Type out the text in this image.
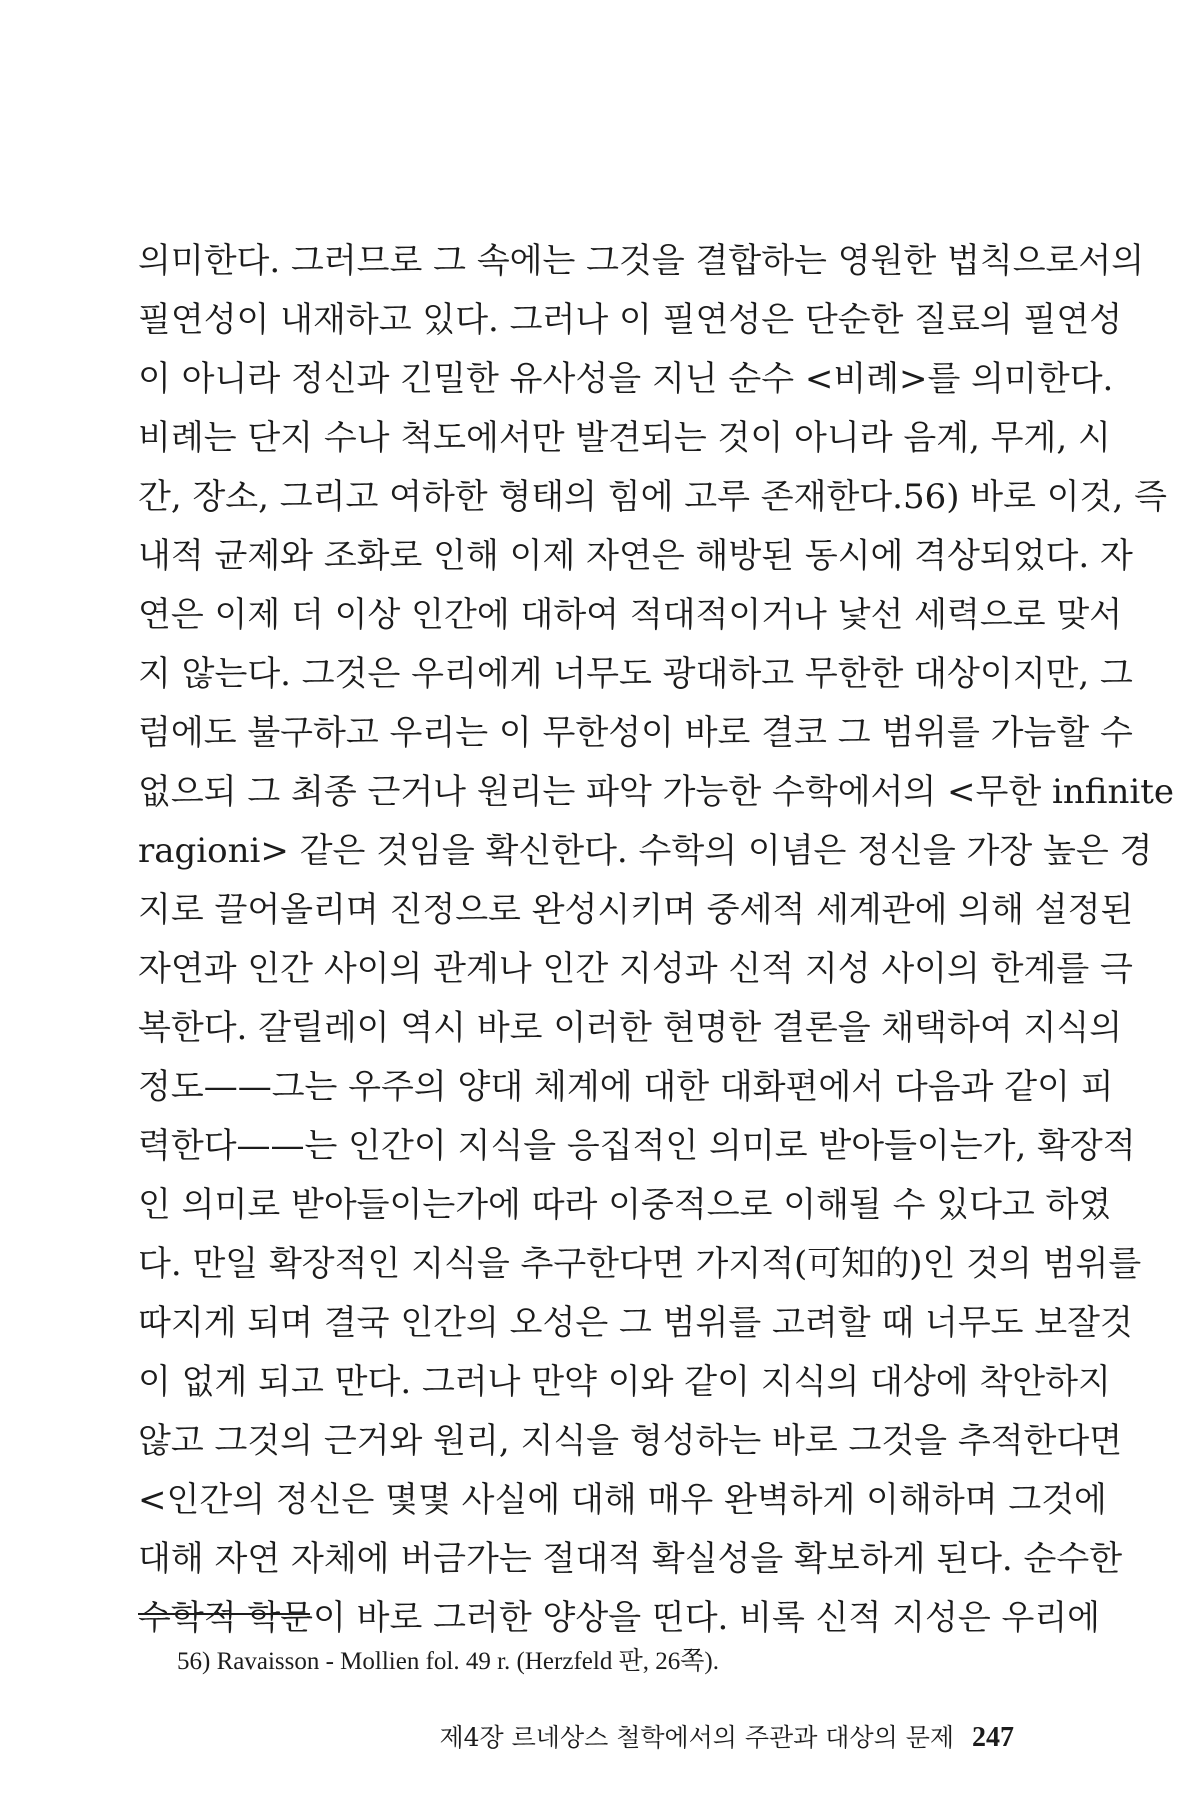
의미한다. 그러므로 그 속에는 그것을 결합하는 영원한 법칙으로서의
필연성이 내재하고 있다. 그러나 이 필연성은 단순한 질료의 필연성
이 아니라 정신과 긴밀한 유사성을 지닌 순수 <비례>를 의미한다.
비례는 단지 수나 척도에서만 발견되는 것이 아니라 음계, 무게, 시
간, 장소, 그리고 여하한 형태의 힘에 고루 존재한다.56) 바로 이것, 즉
내적 균제와 조화로 인해 이제 자연은 해방된 동시에 격상되었다. 자
연은 이제 더 이상 인간에 대하여 적대적이거나 낯선 세력으로 맞서
지 않는다. 그것은 우리에게 너무도 광대하고 무한한 대상이지만, 그
럼에도 불구하고 우리는 이 무한성이 바로 결코 그 범위를 가늠할 수
없으되 그 최종 근거나 원리는 파악 가능한 수학에서의 <무한 infinite
ragioni> 같은 것임을 확신한다. 수학의 이념은 정신을 가장 높은 경
지로 끌어올리며 진정으로 완성시키며 중세적 세계관에 의해 설정된
자연과 인간 사이의 관계나 인간 지성과 신적 지성 사이의 한계를 극
복한다. 갈릴레이 역시 바로 이러한 현명한 결론을 채택하여 지식의
정도——그는 우주의 양대 체계에 대한 대화편에서 다음과 같이 피
력한다——는 인간이 지식을 응집적인 의미로 받아들이는가, 확장적
인 의미로 받아들이는가에 따라 이중적으로 이해될 수 있다고 하였
다. 만일 확장적인 지식을 추구한다면 가지적(可知的)인 것의 범위를
따지게 되며 결국 인간의 오성은 그 범위를 고려할 때 너무도 보잘것
이 없게 되고 만다. 그러나 만약 이와 같이 지식의 대상에 착안하지
않고 그것의 근거와 원리, 지식을 형성하는 바로 그것을 추적한다면
<인간의 정신은 몇몇 사실에 대해 매우 완벽하게 이해하며 그것에
대해 자연 자체에 버금가는 절대적 확실성을 확보하게 된다. 순수한
수학적 학문이 바로 그러한 양상을 띤다. 비록 신적 지성은 우리에
56) Ravaisson - Mollien fol. 49 r. (Herzfeld 판, 26쪽).
제4장 르네상스 철학에서의 주관과 대상의 문제 247
